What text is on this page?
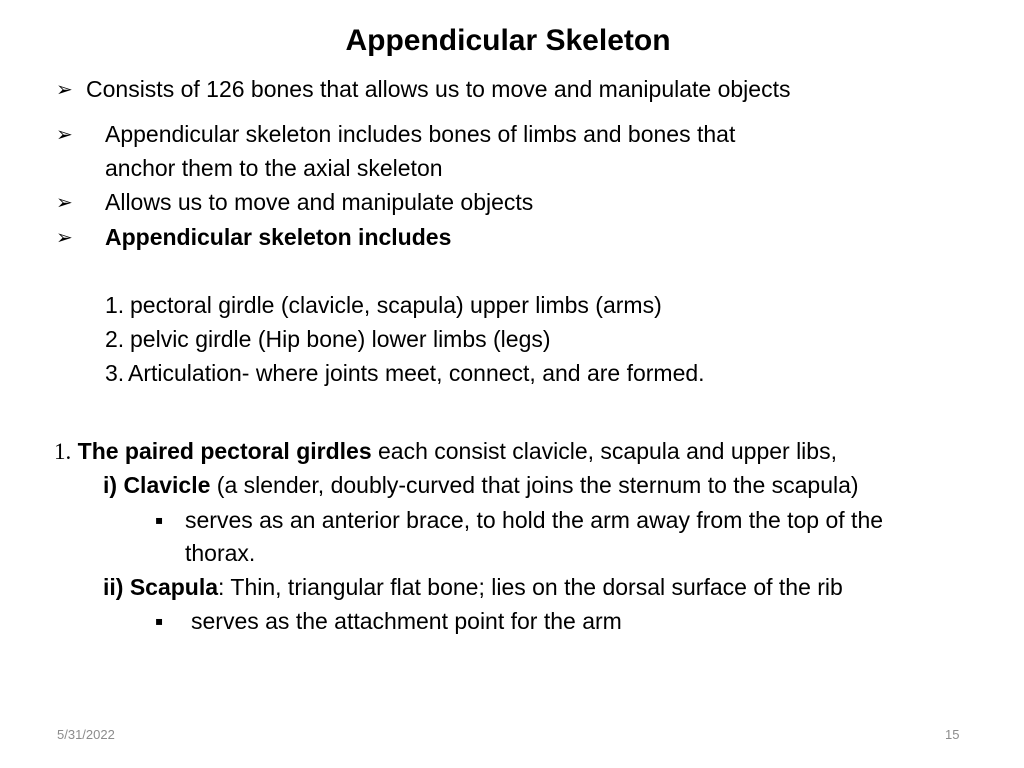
Appendicular Skeleton
➢ Consists of 126 bones that allows us to move and manipulate objects
➢ Appendicular skeleton includes bones of limbs and bones that
anchor them to the axial skeleton
➢ Allows us to move and manipulate objects
➢ Appendicular skeleton includes
1. pectoral girdle (clavicle, scapula) upper limbs (arms)
2. pelvic girdle (Hip bone) lower limbs (legs)
3. Articulation- where joints meet, connect, and are formed.
1. The paired pectoral girdles each consist clavicle, scapula and upper libs,
i) Clavicle (a slender, doubly-curved that joins the sternum to the scapula)
▪ serves as an anterior brace, to hold the arm away from the top of the
thorax.
ii) Scapula: Thin, triangular flat bone; lies on the dorsal surface of the rib
▪ serves as the attachment point for the arm
5/31/2022	15
